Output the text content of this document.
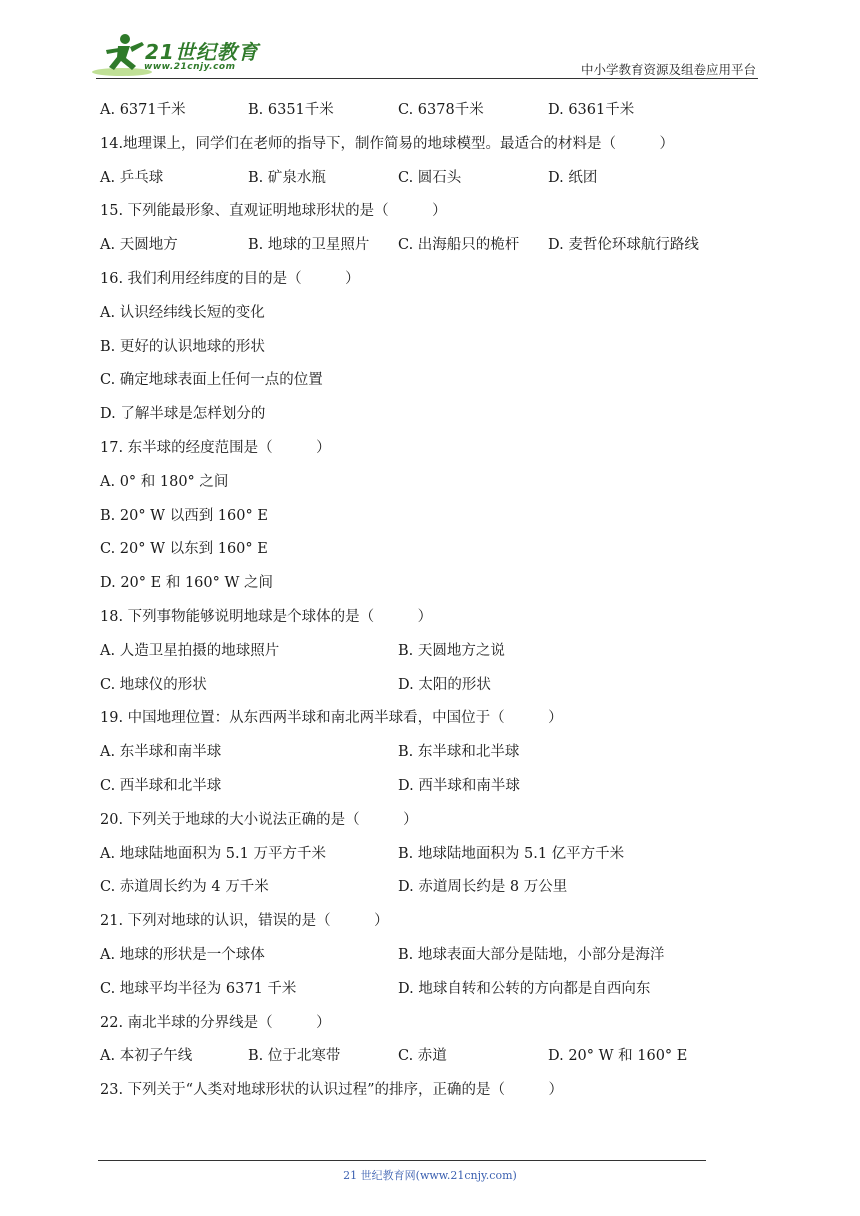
21世纪教育
www.21cnjy.com	中小学教育资源及组卷应用平台
A. 6371千米	B. 6351千米	C. 6378千米	D. 6361千米
14.地理课上，同学们在老师的指导下，制作简易的地球模型。最适合的材料是（　　　）
A. 乒乓球	B. 矿泉水瓶	C. 圆石头	D. 纸团
15. 下列能最形象、直观证明地球形状的是（　　　）
A. 天圆地方	B. 地球的卫星照片 C. 出海船只的桅杆 D. 麦哲伦环球航行路线
16. 我们利用经纬度的目的是（　　　）
A. 认识经纬线长短的变化
B. 更好的认识地球的形状
C. 确定地球表面上任何一点的位置
D. 了解半球是怎样划分的
17. 东半球的经度范围是（　　　）
A. 0° 和 180° 之间
B. 20° W 以西到 160° E
C. 20° W 以东到 160° E
D. 20° E 和 160° W 之间
18. 下列事物能够说明地球是个球体的是（　　　）
A. 人造卫星拍摄的地球照片	B. 天圆地方之说
C. 地球仪的形状	D. 太阳的形状
19. 中国地理位置：从东西两半球和南北两半球看，中国位于（　　　）
A. 东半球和南半球	B. 东半球和北半球
C. 西半球和北半球	D. 西半球和南半球
20. 下列关于地球的大小说法正确的是（　　　）
A. 地球陆地面积为 5.1 万平方千米	B. 地球陆地面积为 5.1 亿平方千米
C. 赤道周长约为 4 万千米	D. 赤道周长约是 8 万公里
21. 下列对地球的认识，错误的是（　　　）
A. 地球的形状是一个球体	B. 地球表面大部分是陆地，小部分是海洋
C. 地球平均半径为 6371 千米	D. 地球自转和公转的方向都是自西向东
22. 南北半球的分界线是（　　　）
A. 本初子午线	B. 位于北寒带	C. 赤道	D. 20° W 和 160° E
23. 下列关于“人类对地球形状的认识过程”的排序，正确的是（　　　）
21 世纪教育网(www.21cnjy.com)
